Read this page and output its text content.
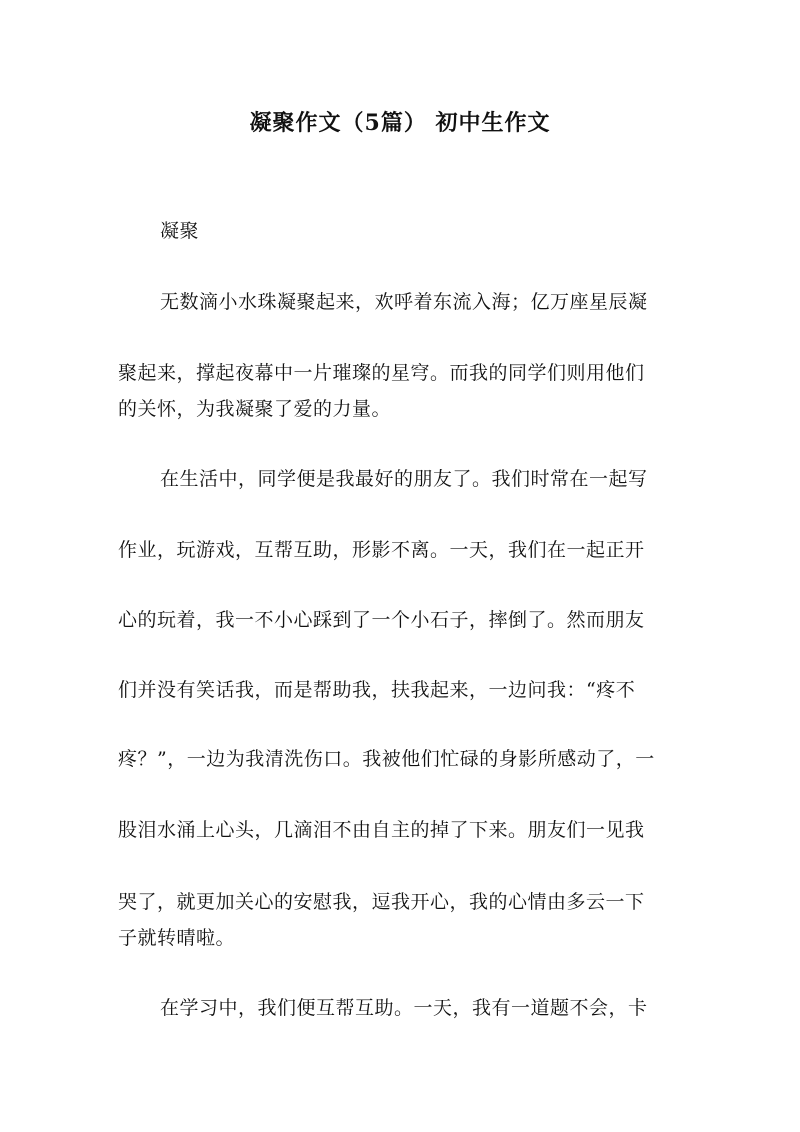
凝聚作文（5篇） 初中生作文
凝聚
无数滴小水珠凝聚起来，欢呼着东流入海；亿万座星辰凝
聚起来，撑起夜幕中一片璀璨的星穹。而我的同学们则用他们
的关怀，为我凝聚了爱的力量。
在生活中，同学便是我最好的朋友了。我们时常在一起写
作业，玩游戏，互帮互助，形影不离。一天，我们在一起正开
心的玩着，我一不小心踩到了一个小石子，摔倒了。然而朋友
们并没有笑话我，而是帮助我，扶我起来，一边问我：“疼不
疼？”，一边为我清洗伤口。我被他们忙碌的身影所感动了，一
股泪水涌上心头，几滴泪不由自主的掉了下来。朋友们一见我
哭了，就更加关心的安慰我，逗我开心，我的心情由多云一下
子就转晴啦。
在学习中，我们便互帮互助。一天，我有一道题不会，卡
